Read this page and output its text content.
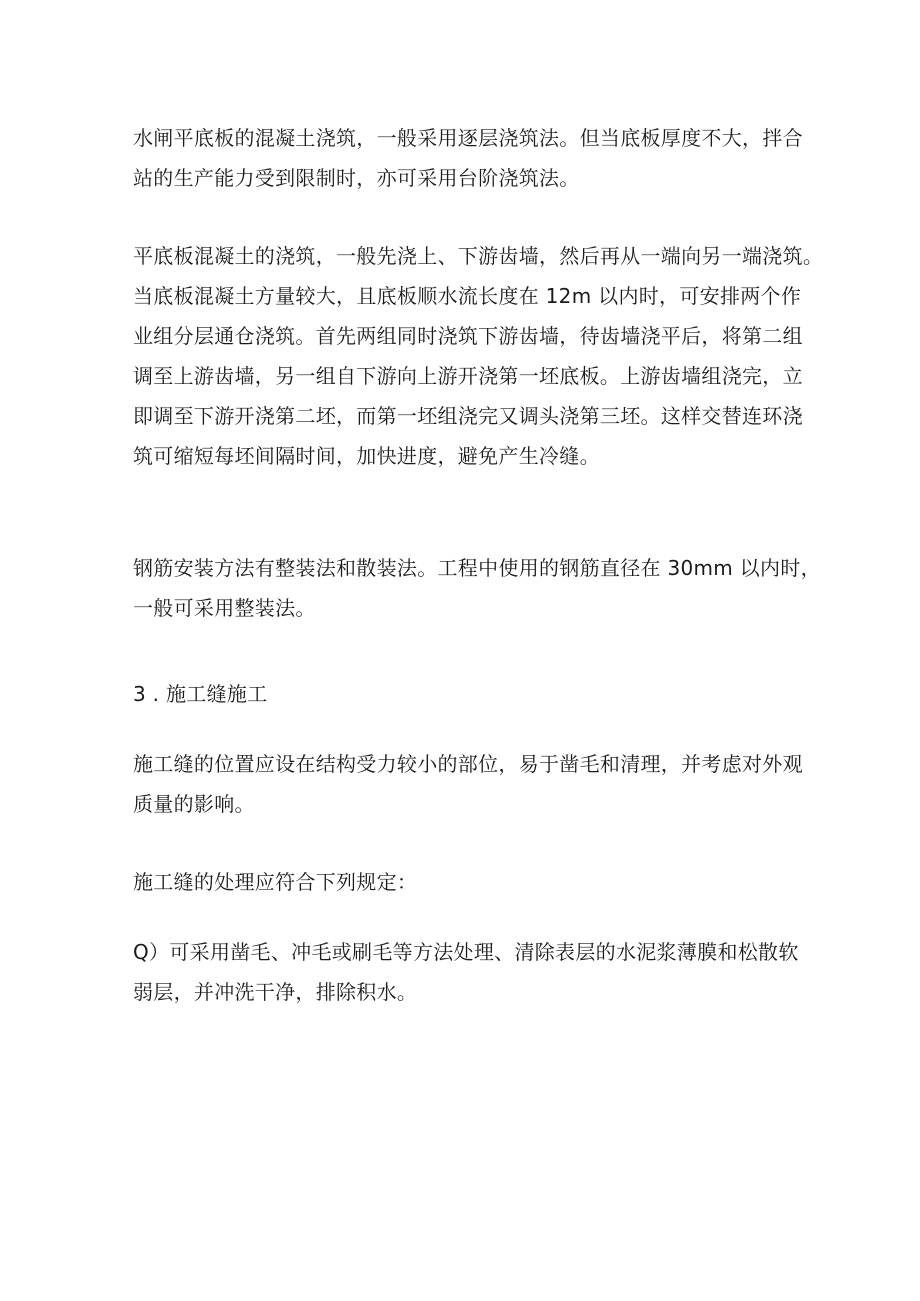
水闸平底板的混凝土浇筑，一般采用逐层浇筑法。但当底板厚度不大，拌合
站的生产能力受到限制时，亦可采用台阶浇筑法。
平底板混凝土的浇筑，一般先浇上、下游齿墙，然后再从一端向另一端浇筑。
当底板混凝土方量较大，且底板顺水流长度在 12m 以内时，可安排两个作
业组分层通仓浇筑。首先两组同时浇筑下游齿墙，待齿墙浇平后，将第二组
调至上游齿墙，另一组自下游向上游开浇第一坯底板。上游齿墙组浇完，立
即调至下游开浇第二坯，而第一坯组浇完又调头浇第三坯。这样交替连环浇
筑可缩短每坯间隔时间，加快进度，避免产生冷缝。
钢筋安装方法有整装法和散装法。工程中使用的钢筋直径在 30mm 以内时，
一般可采用整装法。
3 . 施工缝施工
施工缝的位置应设在结构受力较小的部位，易于凿毛和清理，并考虑对外观
质量的影响。
施工缝的处理应符合下列规定：
Q）可采用凿毛、冲毛或刷毛等方法处理、清除表层的水泥浆薄膜和松散软
弱层，并冲洗干净，排除积水。
